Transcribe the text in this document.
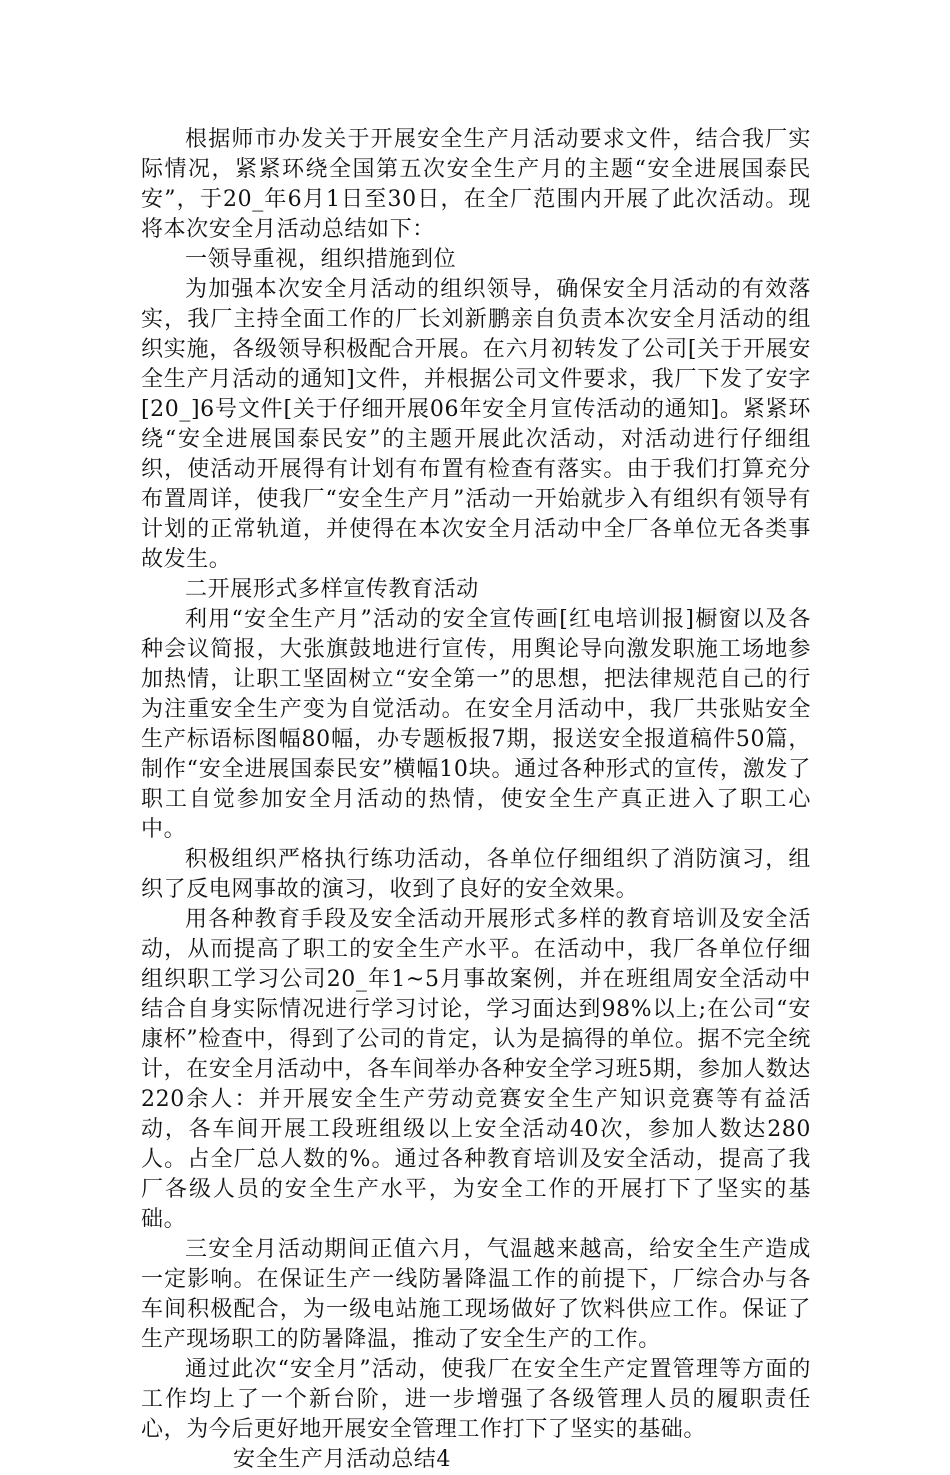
根据师市办发关于开展安全生产月活动要求文件，结合我厂实际情况，紧紧环绕全国第五次安全生产月的主题“安全进展国泰民安”，于20_年6月1日至30日，在全厂范围内开展了此次活动。现将本次安全月活动总结如下：

一领导重视，组织措施到位

为加强本次安全月活动的组织领导，确保安全月活动的有效落实，我厂主持全面工作的厂长刘新鹏亲自负责本次安全月活动的组织实施，各级领导积极配合开展。在六月初转发了公司[关于开展安全生产月活动的通知]文件，并根据公司文件要求，我厂下发了安字[20_]6号文件[关于仔细开展06年安全月宣传活动的通知]。紧紧环绕“安全进展国泰民安”的主题开展此次活动，对活动进行仔细组织，使活动开展得有计划有布置有检查有落实。由于我们打算充分布置周详，使我厂“安全生产月”活动一开始就步入有组织有领导有计划的正常轨道，并使得在本次安全月活动中全厂各单位无各类事故发生。

二开展形式多样宣传教育活动

利用“安全生产月”活动的安全宣传画[红电培训报]橱窗以及各种会议简报，大张旗鼓地进行宣传，用舆论导向激发职施工场地参加热情，让职工坚固树立“安全第一”的思想，把法律规范自己的行为注重安全生产变为自觉活动。在安全月活动中，我厂共张贴安全生产标语标图幅80幅，办专题板报7期，报送安全报道稿件50篇，制作“安全进展国泰民安”横幅10块。通过各种形式的宣传，激发了职工自觉参加安全月活动的热情，使安全生产真正进入了职工心中。

积极组织严格执行练功活动，各单位仔细组织了消防演习，组织了反电网事故的演习，收到了良好的安全效果。

用各种教育手段及安全活动开展形式多样的教育培训及安全活动，从而提高了职工的安全生产水平。在活动中，我厂各单位仔细组织职工学习公司20_年1~5月事故案例，并在班组周安全活动中结合自身实际情况进行学习讨论，学习面达到98%以上;在公司“安康杯”检查中，得到了公司的肯定，认为是搞得的单位。据不完全统计，在安全月活动中，各车间举办各种安全学习班5期，参加人数达220余人：并开展安全生产劳动竞赛安全生产知识竞赛等有益活动，各车间开展工段班组级以上安全活动40次，参加人数达280人。占全厂总人数的%。通过各种教育培训及安全活动，提高了我厂各级人员的安全生产水平，为安全工作的开展打下了坚实的基础。

三安全月活动期间正值六月，气温越来越高，给安全生产造成一定影响。在保证生产一线防暑降温工作的前提下，厂综合办与各车间积极配合，为一级电站施工现场做好了饮料供应工作。保证了生产现场职工的防暑降温，推动了安全生产的工作。

通过此次“安全月”活动，使我厂在安全生产定置管理等方面的工作均上了一个新台阶，进一步增强了各级管理人员的履职责任心，为今后更好地开展安全管理工作打下了坚实的基础。

安全生产月活动总结4
